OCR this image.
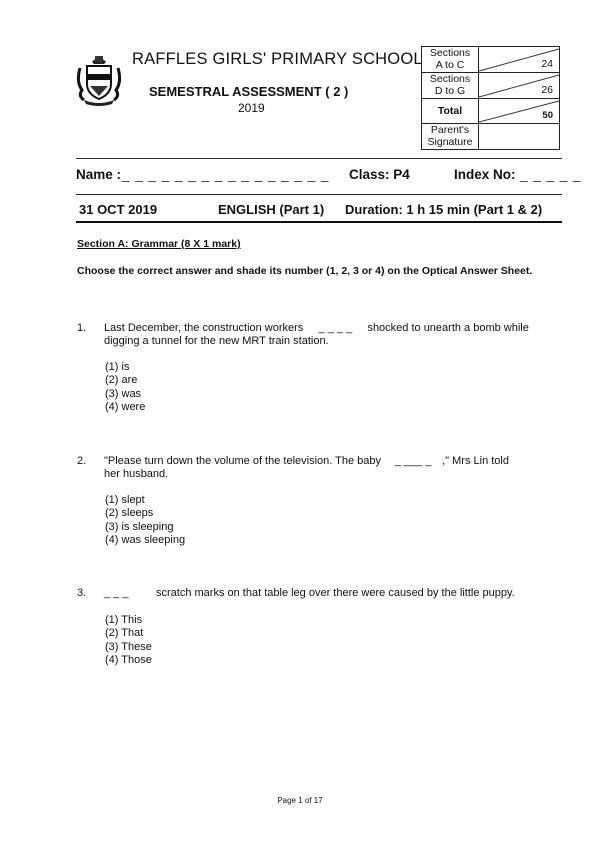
RAFFLES GIRLS' PRIMARY SCHOOL
SEMESTRAL ASSESSMENT ( 2 )
2019
Sections
A to C	24

Sections
D to G	26

Total	50

Parent's
Signature	

Name : _ _ _ _ _ _ _ _ _ _ _ _ _ _ _ _ Class: P4	Index No: _ _ _ _ _
31 OCT 2019	ENGLISH (Part 1) Duration: 1 h 15 min (Part 1 & 2)
Section A: Grammar (8 X 1 mark)
Choose the correct answer and shade its number (1, 2, 3 or 4) on the Optical Answer Sheet.
1. Last December, the construction workers _ _ _ _ shocked to unearth a bomb while
digging a tunnel for the new MRT train station.
(1) is
(2) are
(3) was
(4) were
2. "Please turn down the volume of the television. The baby _ ___ _ ," Mrs Lin told
her husband.
(1) slept
(2) sleeps
(3) is sleeping
(4) was sleeping
3. _ _ _	scratch marks on that table leg over there were caused by the little puppy.
(1) This
(2) That
(3) These
(4) Those
Page 1 of 17
